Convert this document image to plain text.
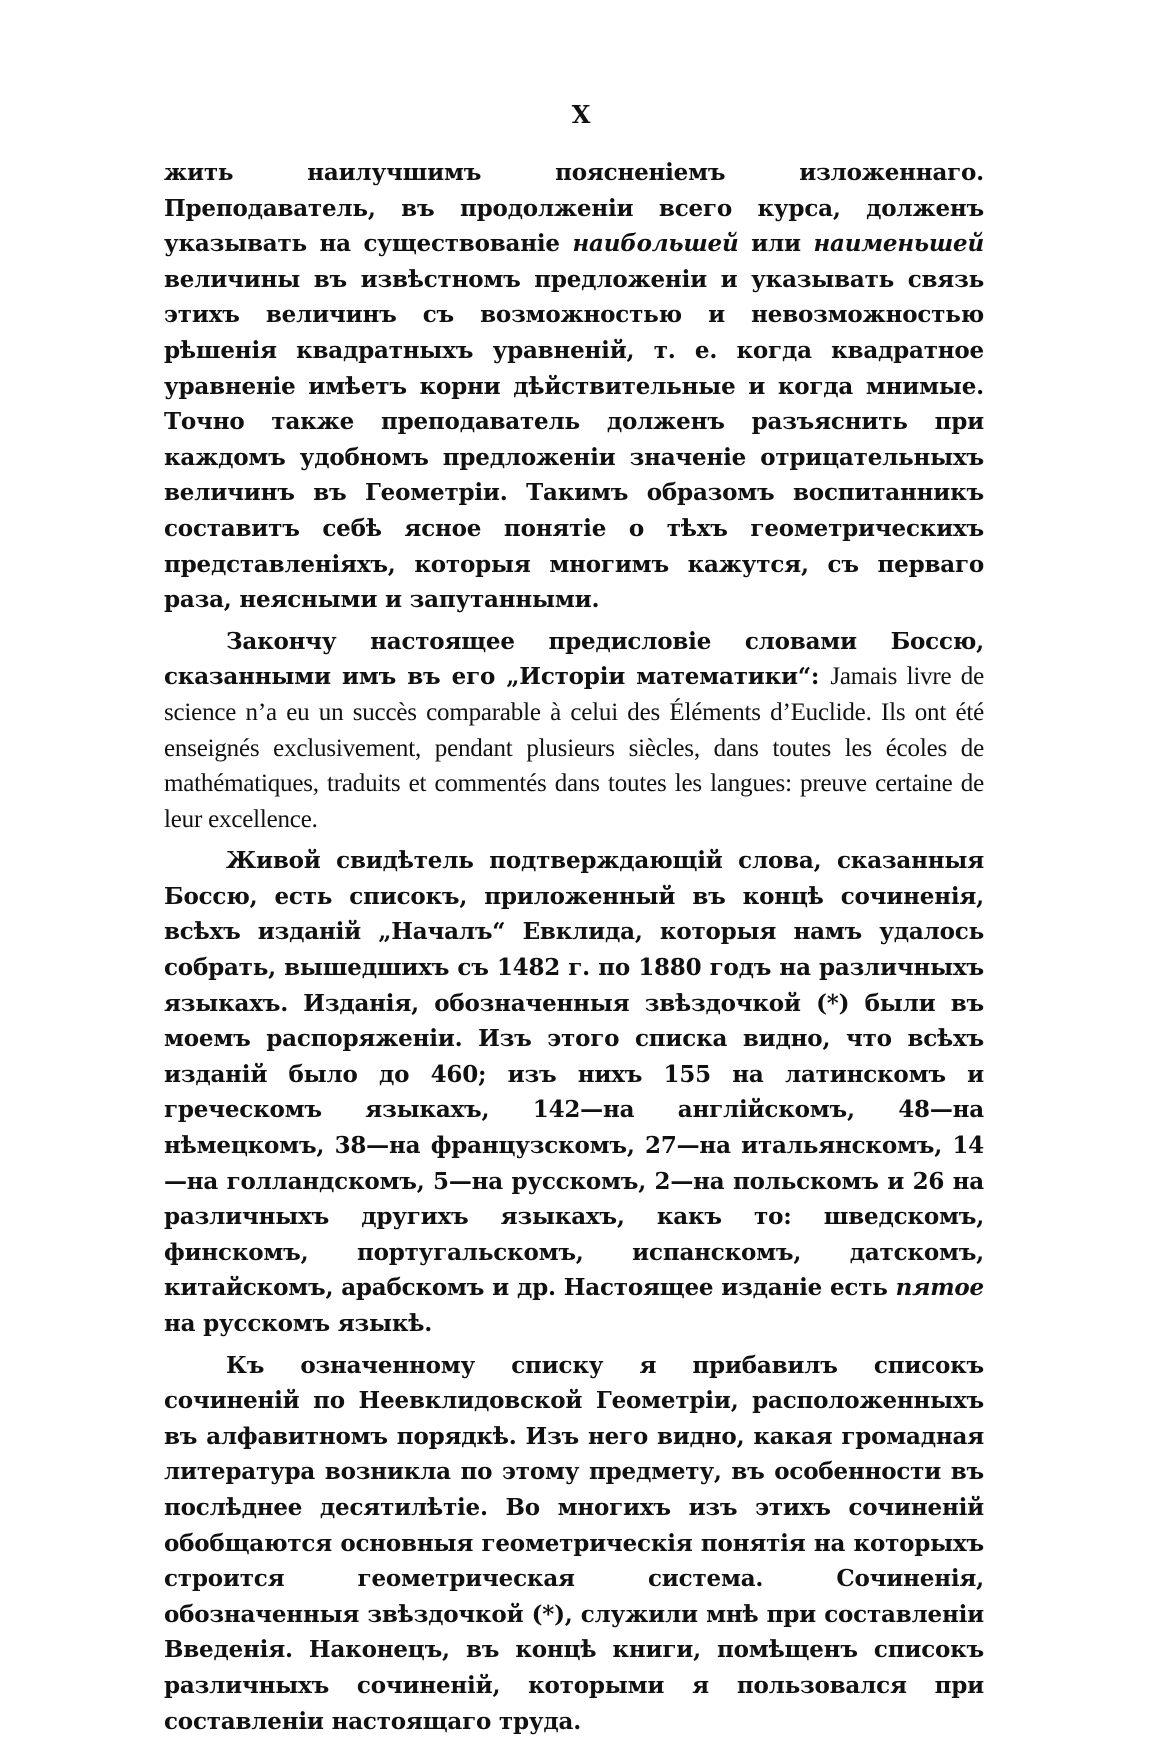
X

жить наилучшимъ поясненіемъ изложеннаго. Преподаватель, въ продолженіи всего курса, долженъ указывать на существованіе наибольшей или наименьшей величины въ извѣстномъ предложеніи и указывать связь этихъ величинъ съ возможностью и невозможностью рѣшенія квадратныхъ уравненій, т. е. когда квадратное уравненіе имѣетъ корни дѣйствительные и когда мнимые. Точно также преподаватель долженъ разъяснить при каждомъ удобномъ предложеніи значеніе отрицательныхъ величинъ въ Геометріи. Такимъ образомъ воспитанникъ составитъ себѣ ясное понятіе о тѣхъ геометрическихъ представленіяхъ, которыя многимъ кажутся, съ перваго раза, неясными и запутанными.

Закончу настоящее предисловіе словами Боссю, сказанными имъ въ его „Исторіи математики“: Jamais livre de science n’a eu un succès comparable à celui des Éléments d’Euclide. Ils ont été enseignés exclusivement, pendant plusieurs siècles, dans toutes les écoles de mathématiques, traduits et commentés dans toutes les langues: preuve certaine de leur excellence.

Живой свидѣтель подтверждающій слова, сказанныя Боссю, есть списокъ, приложенный въ концѣ сочиненія, всѣхъ изданій „Началъ“ Евклида, которыя намъ удалось собрать, вышедшихъ съ 1482 г. по 1880 годъ на различныхъ языкахъ. Изданія, обозначенныя звѣздочкой (*) были въ моемъ распоряженіи. Изъ этого списка видно, что всѣхъ изданій было до 460; изъ нихъ 155 на латинскомъ и греческомъ языкахъ, 142—на англійскомъ, 48—на нѣмецкомъ, 38—на французскомъ, 27—на итальянскомъ, 14—на голландскомъ, 5—на русскомъ, 2—на польскомъ и 26 на различныхъ другихъ языкахъ, какъ то: шведскомъ, финскомъ, португальскомъ, испанскомъ, датскомъ, китайскомъ, арабскомъ и др. Настоящее изданіе есть пятое на русскомъ языкѣ.

Къ означенному списку я прибавилъ списокъ сочиненій по Неевклидовской Геометріи, расположенныхъ въ алфавитномъ порядкѣ. Изъ него видно, какая громадная литература возникла по этому предмету, въ особенности въ послѣднее десятилѣтіе. Во многихъ изъ этихъ сочиненій обобщаются основныя геометрическія понятія на которыхъ строится геометрическая система. Сочиненія, обозначенныя звѣздочкой (*), служили мнѣ при составленіи Введенія. Наконецъ, въ концѣ книги, помѣщенъ списокъ различныхъ сочиненій, которыми я пользовался при составленіи настоящаго труда.
